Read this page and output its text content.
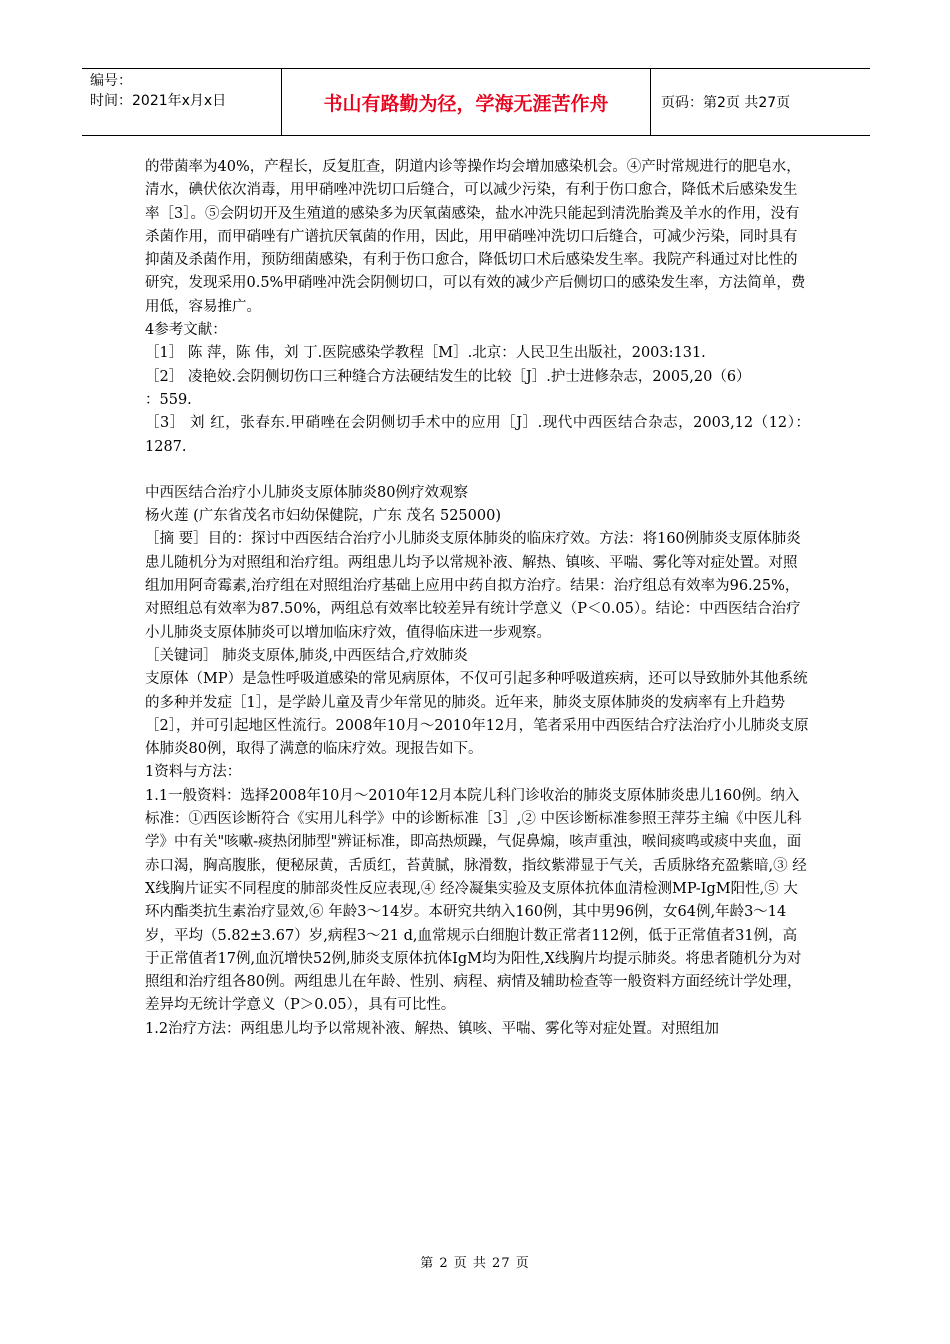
编号：
时间：2021年x月x日	书山有路勤为径，学海无涯苦作舟	页码：第2页 共27页

的带菌率为40%，产程长，反复肛查，阴道内诊等操作均会增加感染机会。④产时常规进行的肥皂水，清水，碘伏依次消毒，用甲硝唑冲洗切口后缝合，可以减少污染，有利于伤口愈合，降低术后感染发生率［3］。⑤会阴切开及生殖道的感染多为厌氧菌感染，盐水冲洗只能起到清洗胎粪及羊水的作用，没有杀菌作用，而甲硝唑有广谱抗厌氧菌的作用，因此，用甲硝唑冲洗切口后缝合，可减少污染，同时具有抑菌及杀菌作用，预防细菌感染，有利于伤口愈合，降低切口术后感染发生率。我院产科通过对比性的研究，发现采用0.5%甲硝唑冲洗会阴侧切口，可以有效的减少产后侧切口的感染发生率，方法简单，费用低，容易推广。

4参考文献：

［1］ 陈 萍，陈 伟，刘 丁.医院感染学教程［M］.北京：人民卫生出版社，2003:131.

［2］ 凌艳姣.会阴侧切伤口三种缝合方法硬结发生的比较［J］.护士进修杂志，2005,20（6）

：559.

［3］ 刘 红，张春东.甲硝唑在会阴侧切手术中的应用［J］.现代中西医结合杂志，2003,12（12）：1287.

中西医结合治疗小儿肺炎支原体肺炎80例疗效观察

杨火莲 (广东省茂名市妇幼保健院，广东 茂名 525000)

［摘 要］目的：探讨中西医结合治疗小儿肺炎支原体肺炎的临床疗效。方法：将160例肺炎支原体肺炎患儿随机分为对照组和治疗组。两组患儿均予以常规补液、解热、镇咳、平喘、雾化等对症处置。对照组加用阿奇霉素,治疗组在对照组治疗基础上应用中药自拟方治疗。结果：治疗组总有效率为96.25%，对照组总有效率为87.50%，两组总有效率比较差异有统计学意义（P＜0.05）。结论：中西医结合治疗小儿肺炎支原体肺炎可以增加临床疗效，值得临床进一步观察。

［关键词］ 肺炎支原体,肺炎,中西医结合,疗效肺炎

支原体（MP）是急性呼吸道感染的常见病原体，不仅可引起多种呼吸道疾病，还可以导致肺外其他系统的多种并发症［1］，是学龄儿童及青少年常见的肺炎。近年来，肺炎支原体肺炎的发病率有上升趋势［2］，并可引起地区性流行。2008年10月～2010年12月，笔者采用中西医结合疗法治疗小儿肺炎支原体肺炎80例，取得了满意的临床疗效。现报告如下。

1资料与方法：

1.1一般资料：选择2008年10月～2010年12月本院儿科门诊收治的肺炎支原体肺炎患儿160例。纳入标准：①西医诊断符合《实用儿科学》中的诊断标准［3］,② 中医诊断标准参照王萍芬主编《中医儿科学》中有关"咳嗽-痰热闭肺型"辨证标准，即高热烦躁，气促鼻煽，咳声重浊，喉间痰鸣或痰中夹血，面赤口渴，胸高腹胀，便秘尿黄，舌质红，苔黄腻，脉滑数，指纹紫滞显于气关，舌质脉络充盈紫暗,③ 经X线胸片证实不同程度的肺部炎性反应表现,④ 经冷凝集实验及支原体抗体血清检测MP-IgM阳性,⑤ 大环内酯类抗生素治疗显效,⑥ 年龄3～14岁。本研究共纳入160例，其中男96例，女64例,年龄3～14岁，平均（5.82±3.67）岁,病程3～21 d,血常规示白细胞计数正常者112例，低于正常值者31例，高于正常值者17例,血沉增快52例,肺炎支原体抗体IgM均为阳性,X线胸片均提示肺炎。将患者随机分为对照组和治疗组各80例。两组患儿在年龄、性别、病程、病情及辅助检查等一般资料方面经统计学处理，差异均无统计学意义（P＞0.05），具有可比性。

1.2治疗方法：两组患儿均予以常规补液、解热、镇咳、平喘、雾化等对症处置。对照组加

第 2 页 共 27 页
